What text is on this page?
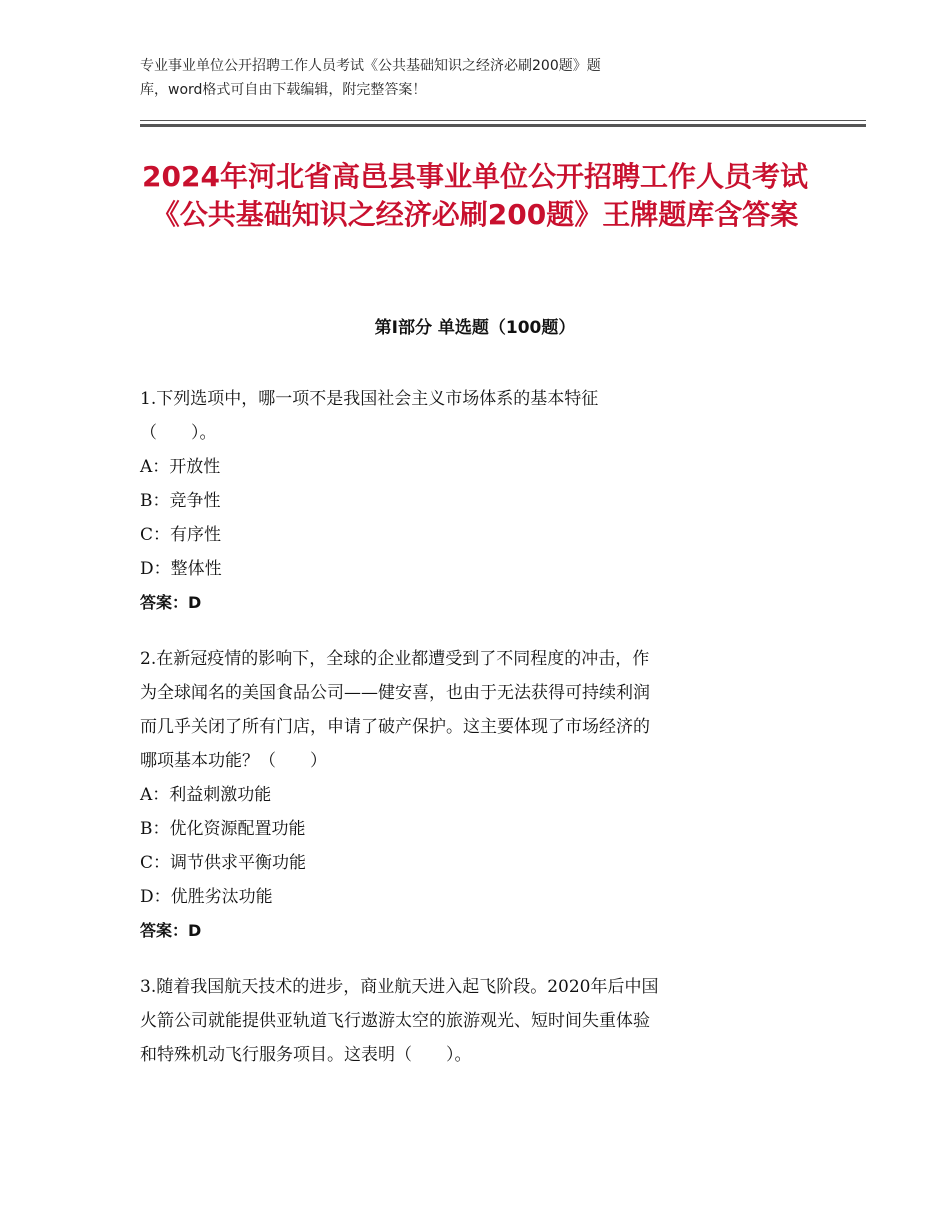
专业事业单位公开招聘工作人员考试《公共基础知识之经济必刷200题》题
库，word格式可自由下载编辑，附完整答案！
2024年河北省高邑县事业单位公开招聘工作人员考试《公共基础知识之经济必刷200题》王牌题库含答案
第Ⅰ部分 单选题（100题）

1.下列选项中，哪一项不是我国社会主义市场体系的基本特征

（　　）。

A：开放性

B：竞争性

C：有序性

D：整体性

答案：D

2.在新冠疫情的影响下，全球的企业都遭受到了不同程度的冲击，作

为全球闻名的美国食品公司——健安喜，也由于无法获得可持续利润

而几乎关闭了所有门店，申请了破产保护。这主要体现了市场经济的

哪项基本功能？（　　）

A：利益刺激功能

B：优化资源配置功能

C：调节供求平衡功能

D：优胜劣汰功能

答案：D

3.随着我国航天技术的进步，商业航天进入起飞阶段。2020年后中国

火箭公司就能提供亚轨道飞行遨游太空的旅游观光、短时间失重体验

和特殊机动飞行服务项目。这表明（　　）。
